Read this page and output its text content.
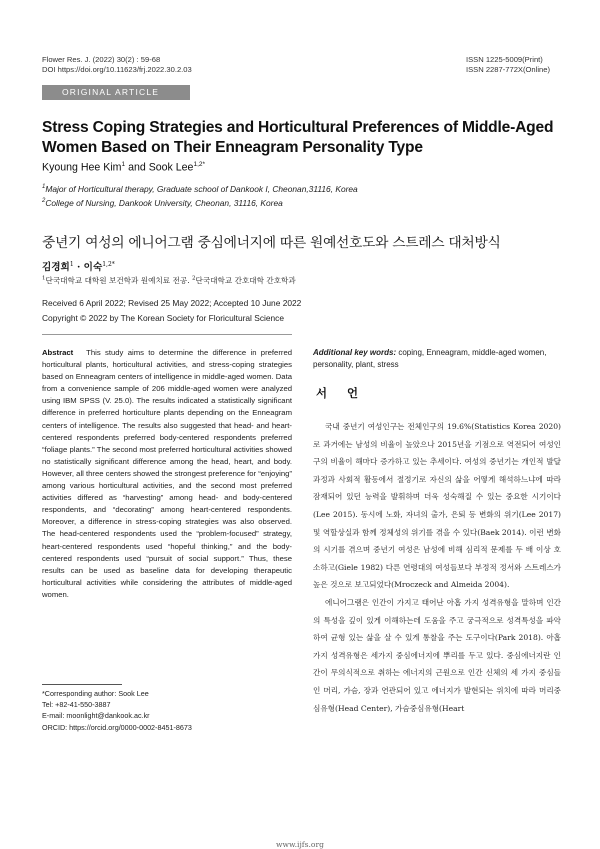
Flower Res. J. (2022) 30(2) : 59-68
DOI https://doi.org/10.11623/frj.2022.30.2.03
ISSN 1225-5009(Print)
ISSN 2287-772X(Online)
ORIGINAL ARTICLE
Stress Coping Strategies and Horticultural Preferences of Middle-Aged Women Based on Their Enneagram Personality Type
Kyoung Hee Kim$^1$ and Sook Lee$^{1,2*}$
$^1$Major of Horticultural therapy, Graduate school of Dankook I, Cheonan,31116, Korea
$^2$College of Nursing, Dankook University, Cheonan, 31116, Korea
중년기 여성의 에니어그램 중심에너지에 따른 원예선호도와 스트레스 대처방식
김경희$^1$ · 이숙$^{1,2*}$
$^1$단국대학교 대학원 보건학과 원예치료 전공. $^2$단국대학교 간호대학 간호학과
Received 6 April 2022; Revised 25 May 2022; Accepted 10 June 2022
Copyright © 2022 by The Korean Society for Floricultural Science
Abstract This study aims to determine the difference in preferred horticultural plants, horticultural activities, and stress-coping strategies based on Enneagram centers of intelligence in middle-aged women. Data from a convenience sample of 206 middle-aged women were analyzed using IBM SPSS (V. 25.0). The results indicated a statistically significant difference in preferred horticulture plants depending on the Enneagram centers of intelligence. The results also suggested that head- and heart-centered respondents preferred body-centered respondents preferred “foliage plants.” The second most preferred horticultural activities showed no statistically significant difference among the head, heart, and body. However, all three centers showed the strongest preference for “enjoying” among various horticultural activities, and the second most preferred activities differed as “harvesting” among head- and body-centered respondents, and “decorating” among heart-centered respondents. Moreover, a difference in stress-coping strategies was also observed. The head-centered respondents used the “problem-focused” strategy, heart-centered respondents used “hopeful thinking,” and the body-centered respondents used “pursuit of social support.” Thus, these results can be used as baseline data for developing therapeutic horticultural activities while considering the attributes of middle-aged women.
*Corresponding author: Sook Lee
Tel: +82-41-550-3887
E-mail: moonlight@dankook.ac.kr
ORCID: https://orcid.org/0000-0002-8451-8673
Additional key words: coping, Enneagram, middle-aged women, personality, plant, stress
서 언

국내 중년기 여성인구는 전체인구의 19.6%(Statistics Korea 2020)로 과거에는 남성의 비율이 높았으나 2015년을 기점으로 역전되어 여성인구의 비율이 해마다 증가하고 있는 추세이다. 여성의 중년기는 개인적 발달과정과 사회적 활동에서 절정기로 자신의 삶을 어떻게 해석하느냐에 따라 잠재되어 있던 능력을 발휘하며 더욱 성숙해질 수 있는 중요한 시기이다(Lee 2015). 동시에 노화, 자녀의 출가, 은퇴 등 변화의 위기(Lee 2017)및 역할상실과 함께 정체성의 위기를 겪을 수 있다(Baek 2014). 이런 변화의 시기를 겪으며 중년기 여성은 남성에 비해 심리적 문제를 두 배 이상 호소하고(Giele 1982) 다른 연령대의 여성들보다 부정적 정서와 스트레스가 높은 것으로 보고되었다(Mroczeck and Almeida 2004).

에니어그램은 인간이 가지고 태어난 아홉 가지 성격유형을 말하며 인간의 특성을 깊이 있게 이해하는데 도움을 주고 궁극적으로 성격특성을 파악하여 균형 있는 삶을 살 수 있게 통찰을 주는 도구이다(Park 2018). 아홉 가지 성격유형은 세가지 중심에너지에 뿌리를 두고 있다. 중심에너지란 인간이 무의식적으로 취하는 에너지의 근원으로 인간 신체의 세 가지 중심들인 머리, 가슴, 장과 연관되어 있고 에너지가 발현되는 위치에 따라 머리중심유형(Head Center), 가슴중심유형(Heart

www.ijfs.org
